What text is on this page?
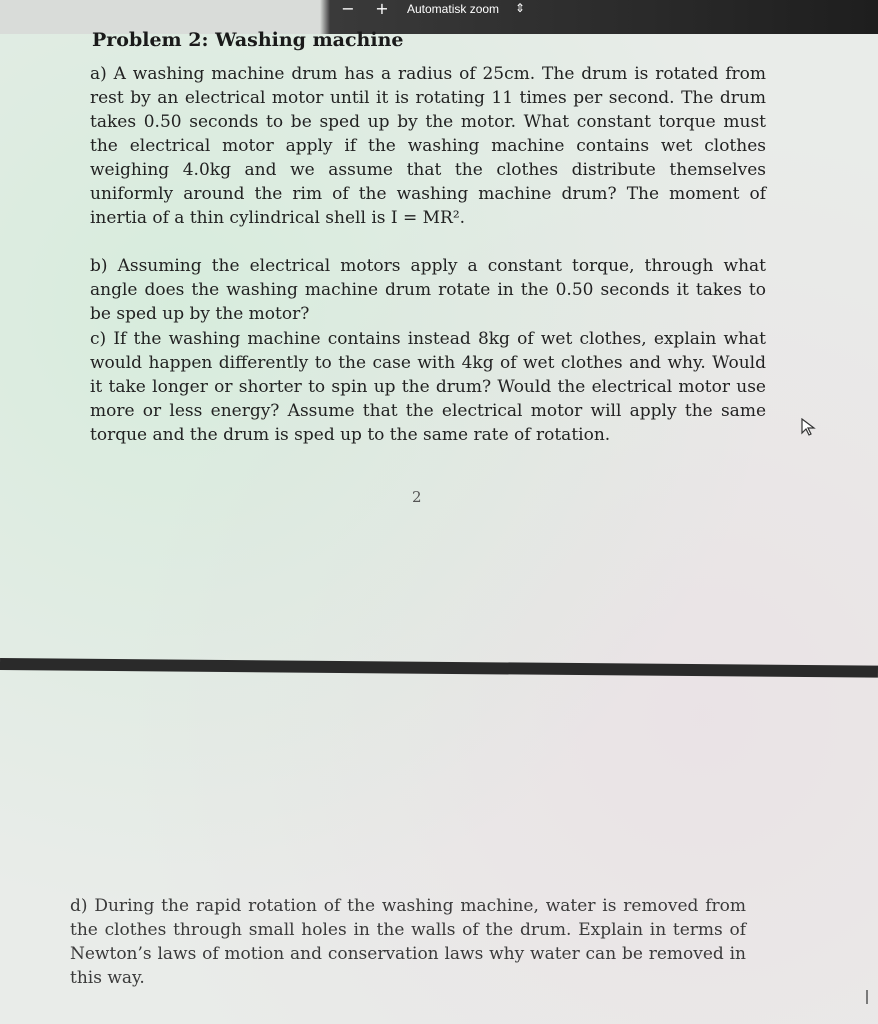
− + Automatisk zoom ⇕
Problem 2: Washing machine
a) A washing machine drum has a radius of 25cm. The drum is rotated from rest by an electrical motor until it is rotating 11 times per second. The drum takes 0.50 seconds to be sped up by the motor. What constant torque must the electrical motor apply if the washing machine contains wet clothes weighing 4.0kg and we assume that the clothes distribute themselves uniformly around the rim of the washing machine drum? The moment of inertia of a thin cylindrical shell is I = MR².
b) Assuming the electrical motors apply a constant torque, through what angle does the washing machine drum rotate in the 0.50 seconds it takes to be sped up by the motor?
c) If the washing machine contains instead 8kg of wet clothes, explain what would happen differently to the case with 4kg of wet clothes and why. Would it take longer or shorter to spin up the drum? Would the electrical motor use more or less energy? Assume that the electrical motor will apply the same torque and the drum is sped up to the same rate of rotation.
2
d) During the rapid rotation of the washing machine, water is removed from the clothes through small holes in the walls of the drum. Explain in terms of Newton’s laws of motion and conservation laws why water can be removed in this way.
